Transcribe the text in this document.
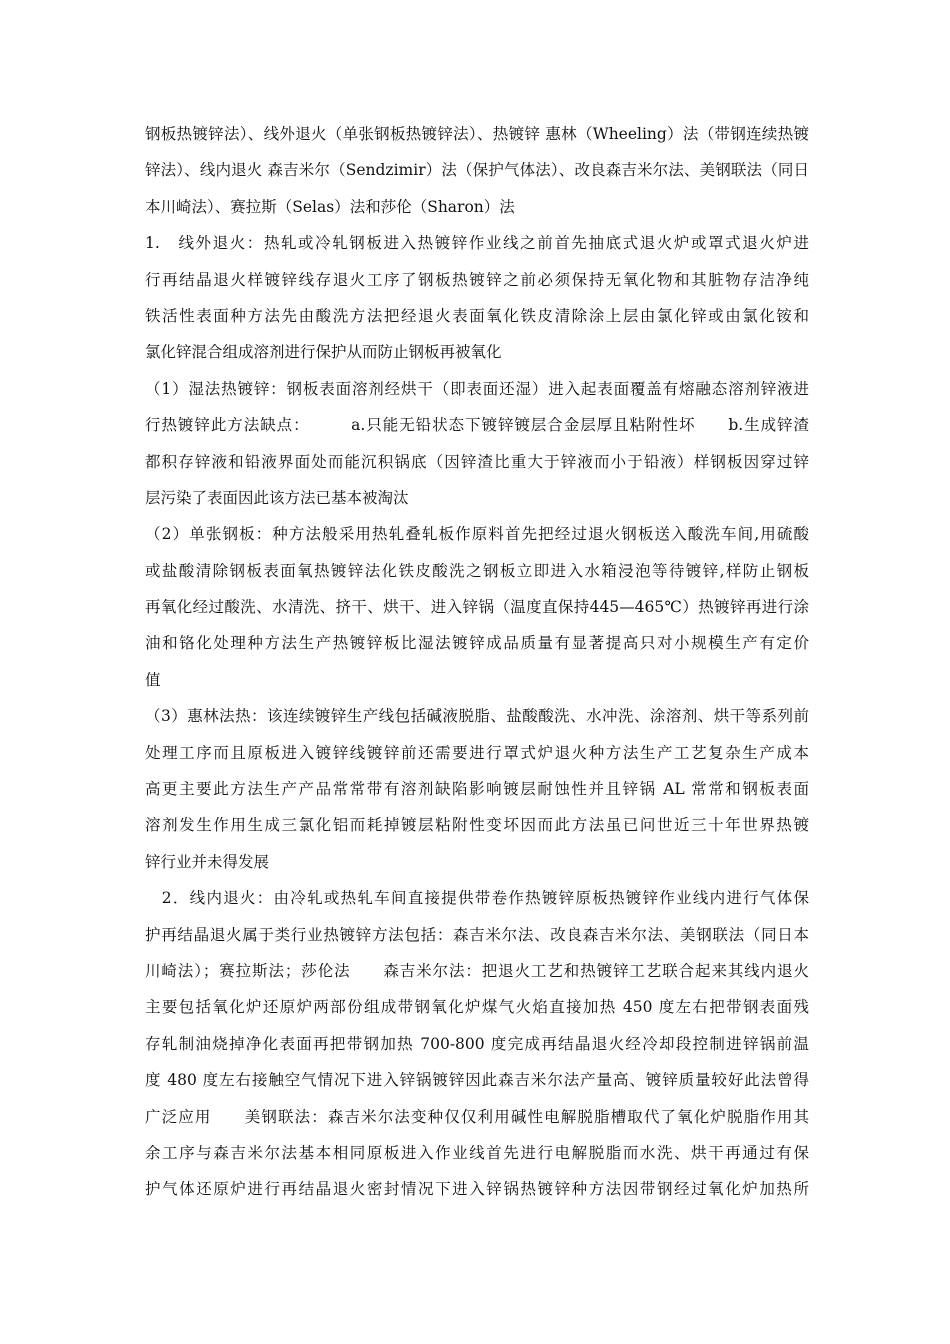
钢板热镀锌法）、线外退火（单张钢板热镀锌法）、热镀锌 惠林（Wheeling）法（带钢连续热镀
锌法）、线内退火 森吉米尔（Sendzimir）法（保护气体法）、改良森吉米尔法、美钢联法（同日
本川崎法）、赛拉斯（Selas）法和莎伦（Sharon）法
1.　线外退火：热轧或冷轧钢板进入热镀锌作业线之前首先抽底式退火炉或罩式退火炉进
行再结晶退火样镀锌线存退火工序了钢板热镀锌之前必须保持无氧化物和其脏物存洁净纯
铁活性表面种方法先由酸洗方法把经退火表面氧化铁皮清除涂上层由氯化锌或由氯化铵和
氯化锌混合组成溶剂进行保护从而防止钢板再被氧化
（1）湿法热镀锌：钢板表面溶剂经烘干（即表面还湿）进入起表面覆盖有熔融态溶剂锌液进
行热镀锌此方法缺点：　　　a.只能无铅状态下镀锌镀层合金层厚且粘附性坏　　b.生成锌渣
都积存锌液和铅液界面处而能沉积锅底（因锌渣比重大于锌液而小于铅液）样钢板因穿过锌
层污染了表面因此该方法已基本被淘汰
（2）单张钢板：种方法般采用热轧叠轧板作原料首先把经过退火钢板送入酸洗车间,用硫酸
或盐酸清除钢板表面氧热镀锌法化铁皮酸洗之钢板立即进入水箱浸泡等待镀锌,样防止钢板
再氧化经过酸洗、水清洗、挤干、烘干、进入锌锅（温度直保持445—465℃）热镀锌再进行涂
油和铬化处理种方法生产热镀锌板比湿法镀锌成品质量有显著提高只对小规模生产有定价
值
（3）惠林法热：该连续镀锌生产线包括碱液脱脂、盐酸酸洗、水冲洗、涂溶剂、烘干等系列前
处理工序而且原板进入镀锌线镀锌前还需要进行罩式炉退火种方法生产工艺复杂生产成本
高更主要此方法生产产品常常带有溶剂缺陷影响镀层耐蚀性并且锌锅 AL 常常和钢板表面
溶剂发生作用生成三氯化铝而耗掉镀层粘附性变坏因而此方法虽已问世近三十年世界热镀
锌行业并未得发展
　2．线内退火：由冷轧或热轧车间直接提供带卷作热镀锌原板热镀锌作业线内进行气体保
护再结晶退火属于类行业热镀锌方法包括：森吉米尔法、改良森吉米尔法、美钢联法（同日本
川崎法）；赛拉斯法；莎伦法　　森吉米尔法：把退火工艺和热镀锌工艺联合起来其线内退火
主要包括氧化炉还原炉两部份组成带钢氧化炉煤气火焰直接加热 450 度左右把带钢表面残
存轧制油烧掉净化表面再把带钢加热 700-800 度完成再结晶退火经冷却段控制进锌锅前温
度 480 度左右接触空气情况下进入锌锅镀锌因此森吉米尔法产量高、镀锌质量较好此法曾得
广泛应用　　美钢联法：森吉米尔法变种仅仅利用碱性电解脱脂槽取代了氧化炉脱脂作用其
余工序与森吉米尔法基本相同原板进入作业线首先进行电解脱脂而水洗、烘干再通过有保
护气体还原炉进行再结晶退火密封情况下进入锌锅热镀锌种方法因带钢经过氧化炉加热所
